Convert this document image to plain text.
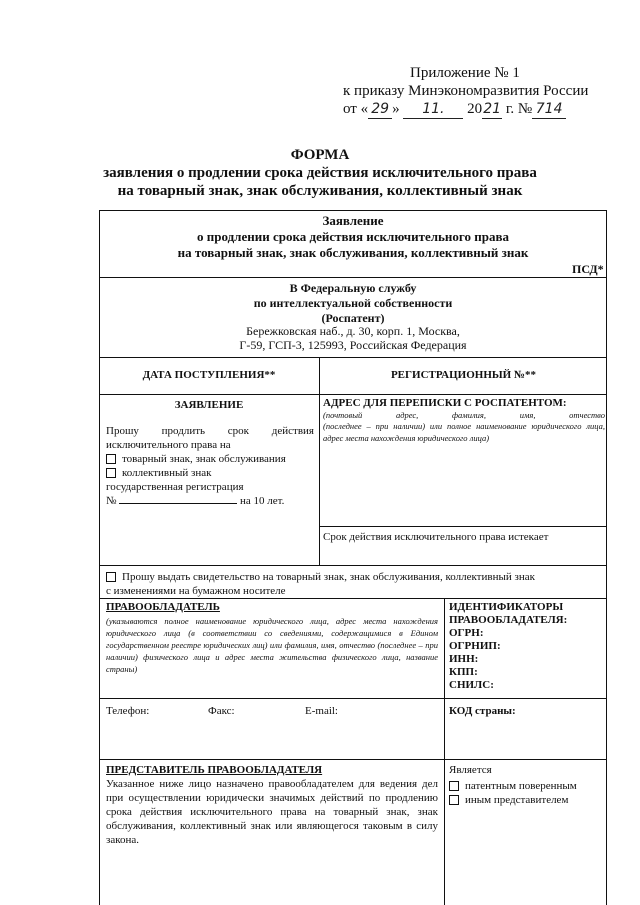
Приложение № 1
к приказу Минэкономразвития России
от « 29 » 11. 2021 г. № 714
ФОРМА
заявления о продлении срока действия исключительного права
на товарный знак, знак обслуживания, коллективный знак
Заявление
о продлении срока действия исключительного права
на товарный знак, знак обслуживания, коллективный знак
ПСД*
В Федеральную службу
по интеллектуальной собственности
(Роспатент)
Бережковская наб., д. 30, корп. 1, Москва,
Г-59, ГСП-3, 125993, Российская Федерация
ДАТА ПОСТУПЛЕНИЯ**	РЕГИСТРАЦИОННЫЙ №**
ЗАЯВЛЕНИЕ
Прошу продлить срок действия
исключительного права на
товарный знак, знак обслуживания
коллективный знак
государственная регистрация
№	на 10 лет.
АДРЕС ДЛЯ ПЕРЕПИСКИ С РОСПАТЕНТОМ:
(почтовый	адрес,	фамилия,	имя,	отчество
(последнее – при наличии) или полное наименование юридического лица, адрес места нахождения юридического лица)
Срок действия исключительного права истекает
Прошу выдать свидетельство на товарный знак, знак обслуживания, коллективный знак
с изменениями на бумажном носителе
ПРАВООБЛАДАТЕЛЬ
(указываются полное наименование юридического лица, адрес места нахождения юридического лица (в соответствии со сведениями, содержащимися в Едином государственном реестре юридических лиц) или фамилия, имя, отчество (последнее – при наличии) физического лица и адрес места жительства физического лица, название страны)
ИДЕНТИФИКАТОРЫ
ПРАВООБЛАДАТЕЛЯ:
ОГРН:
ОГРНИП:
ИНН:
КПП:
СНИЛС:
Телефон:	Факс:	E-mail:	КОД страны:
ПРЕДСТАВИТЕЛЬ ПРАВООБЛАДАТЕЛЯ
Указанное ниже лицо назначено правообладателем для ведения дел при осуществлении юридически значимых действий по продлению срока действия исключительного права на товарный знак, знак обслуживания, коллективный знак или являющегося таковым в силу закона.
Является
патентным поверенным
иным представителем
